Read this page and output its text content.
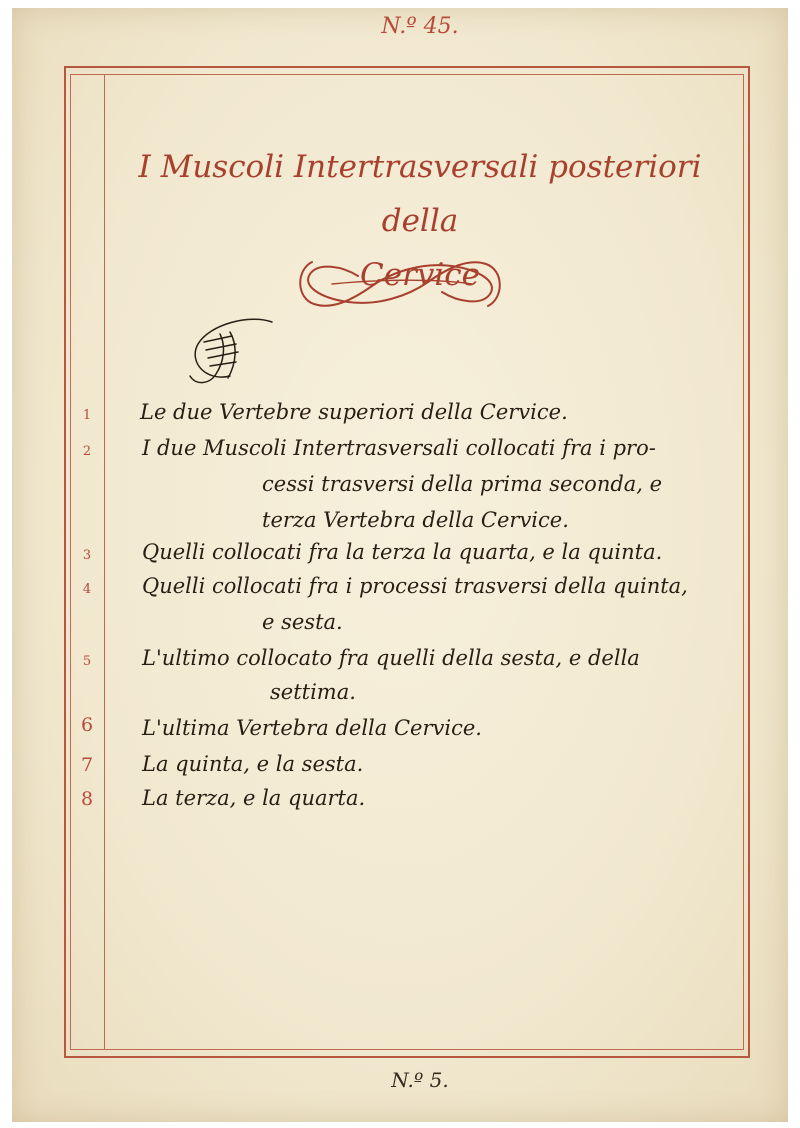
N.º 45.
I Muscoli Intertrasversali posteriori della
Cervice
1	Le due Vertebre superiori della Cervice.
2	I due Muscoli Intertrasversali collocati fra i pro-
cessi trasversi della prima seconda, e
terza Vertebra della Cervice.
3	Quelli collocati fra la terza la quarta, e la quinta.
4	Quelli collocati fra i processi trasversi della quinta,
e sesta.
5	L'ultimo collocato fra quelli della sesta, e della
settima.
6	L'ultima Vertebra della Cervice.
7	La quinta, e la sesta.
8	La terza, e la quarta.
N.º 5.
